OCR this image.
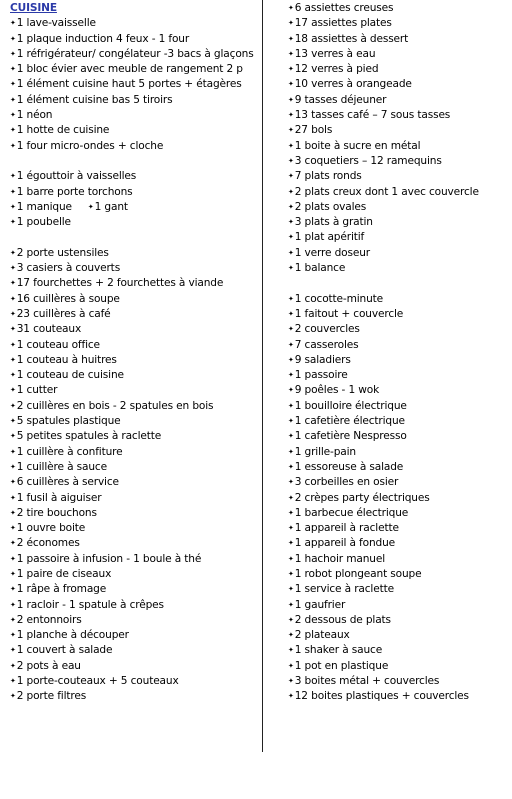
CUISINE
✦1 lave-vaisselle
✦1 plaque induction 4 feux - 1 four
✦1 réfrigérateur/ congélateur -3 bacs à glaçons
✦1 bloc évier avec meuble de rangement 2 p
✦1 élément cuisine haut 5 portes + étagères
✦1 élément cuisine bas 5 tiroirs
✦1 néon
✦1 hotte de cuisine
✦1 four micro-ondes + cloche
✦1 égouttoir à vaisselles
✦1 barre porte torchons
✦1 manique ✦1 gant
✦1 poubelle
✦2 porte ustensiles
✦3 casiers à couverts
✦17 fourchettes + 2 fourchettes à viande
✦16 cuillères à soupe
✦23 cuillères à café
✦31 couteaux
✦1 couteau office
✦1 couteau à huitres
✦1 couteau de cuisine
✦1 cutter
✦2 cuillères en bois - 2 spatules en bois
✦5 spatules plastique
✦5 petites spatules à raclette
✦1 cuillère à confiture
✦1 cuillère à sauce
✦6 cuillères à service
✦1 fusil à aiguiser
✦2 tire bouchons
✦1 ouvre boite
✦2 économes
✦1 passoire à infusion - 1 boule à thé
✦1 paire de ciseaux
✦1 râpe à fromage
✦1 racloir - 1 spatule à crêpes
✦2 entonnoirs
✦1 planche à découper
✦1 couvert à salade
✦2 pots à eau
✦1 porte-couteaux + 5 couteaux
✦2 porte filtres
✦6 assiettes creuses
✦17 assiettes plates
✦18 assiettes à dessert
✦13 verres à eau
✦12 verres à pied
✦10 verres à orangeade
✦9 tasses déjeuner
✦13 tasses café – 7 sous tasses
✦27 bols
✦1 boite à sucre en métal
✦3 coquetiers – 12 ramequins
✦7 plats ronds
✦2 plats creux dont 1 avec couvercle
✦2 plats ovales
✦3 plats à gratin
✦1 plat apéritif
✦1 verre doseur
✦1 balance
✦1 cocotte-minute
✦1 faitout + couvercle
✦2 couvercles
✦7 casseroles
✦9 saladiers
✦1 passoire
✦9 poêles - 1 wok
✦1 bouilloire électrique
✦1 cafetière électrique
✦1 cafetière Nespresso
✦1 grille-pain
✦1 essoreuse à salade
✦3 corbeilles en osier
✦2 crèpes party électriques
✦1 barbecue électrique
✦1 appareil à raclette
✦1 appareil à fondue
✦1 hachoir manuel
✦1 robot plongeant soupe
✦1 service à raclette
✦1 gaufrier
✦2 dessous de plats
✦2 plateaux
✦1 shaker à sauce
✦1 pot en plastique
✦3 boites métal + couvercles
✦12 boites plastiques + couvercles
